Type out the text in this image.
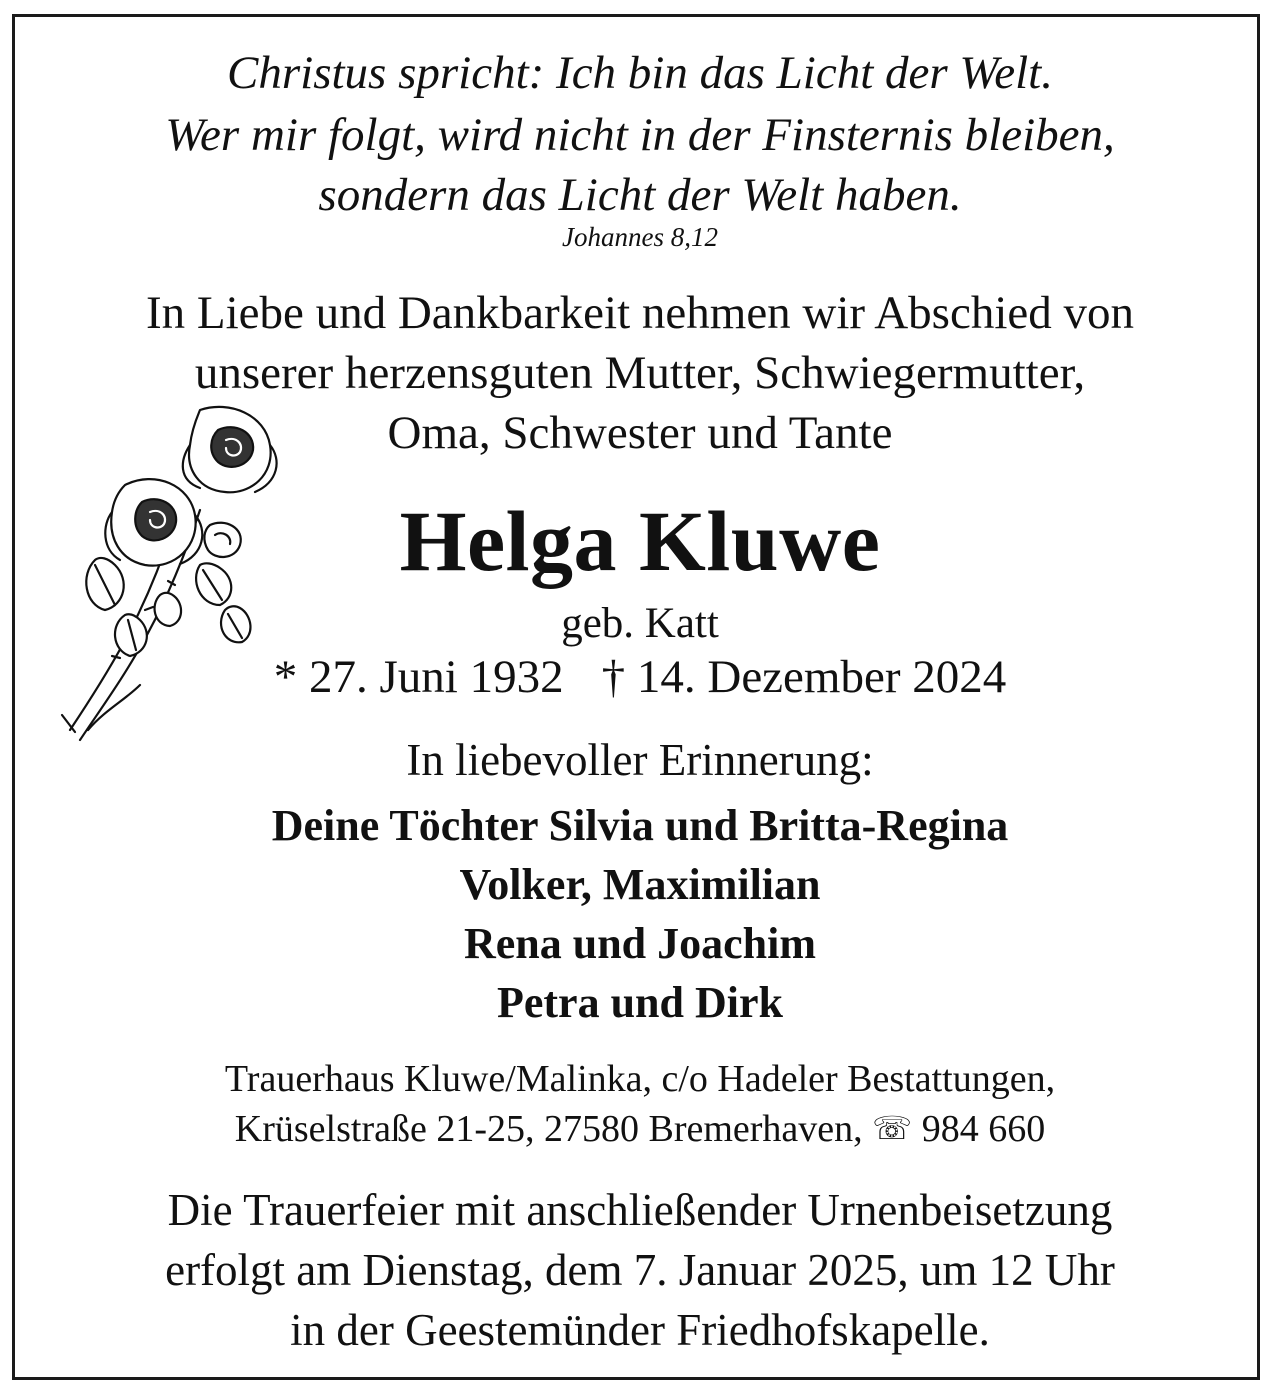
Christus spricht: Ich bin das Licht der Welt.
Wer mir folgt, wird nicht in der Finsternis bleiben,
sondern das Licht der Welt haben.
Johannes 8,12
In Liebe und Dankbarkeit nehmen wir Abschied von
unserer herzensguten Mutter, Schwiegermutter,
Oma, Schwester und Tante
Helga Kluwe
geb. Katt
* 27. Juni 1932 † 14. Dezember 2024
In liebevoller Erinnerung:
Deine Töchter Silvia und Britta-Regina
Volker, Maximilian
Rena und Joachim
Petra und Dirk
Trauerhaus Kluwe/Malinka, c/o Hadeler Bestattungen,
Krüselstraße 21-25, 27580 Bremerhaven, ☏ 984 660
Die Trauerfeier mit anschließender Urnenbeisetzung
erfolgt am Dienstag, dem 7. Januar 2025, um 12 Uhr
in der Geestemünder Friedhofskapelle.
